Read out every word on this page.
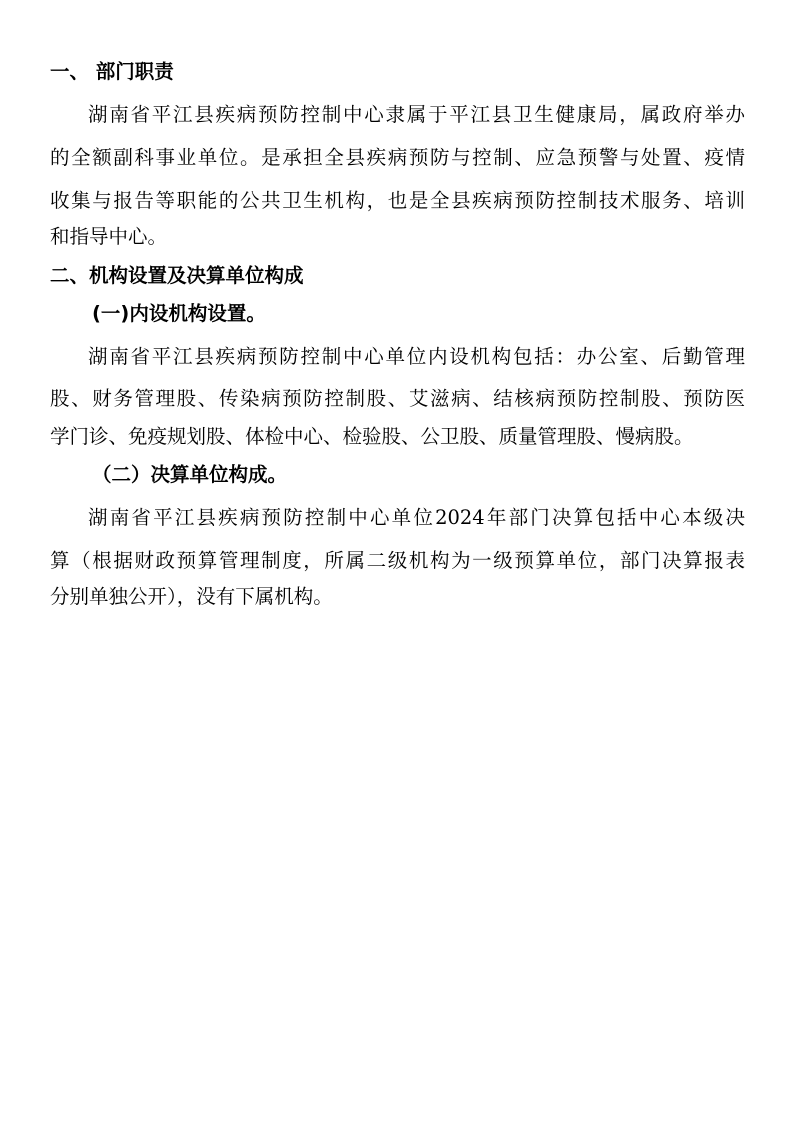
一、 部门职责
湖南省平江县疾病预防控制中心隶属于平江县卫生健康局，属政府举办
的全额副科事业单位。是承担全县疾病预防与控制、应急预警与处置、疫情
收集与报告等职能的公共卫生机构，也是全县疾病预防控制技术服务、培训
和指导中心。
二、机构设置及决算单位构成
(一)内设机构设置。
湖南省平江县疾病预防控制中心单位内设机构包括：办公室、后勤管理
股、财务管理股、传染病预防控制股、艾滋病、结核病预防控制股、预防医
学门诊、免疫规划股、体检中心、检验股、公卫股、质量管理股、慢病股。
（二）决算单位构成。
湖南省平江县疾病预防控制中心单位2024年部门决算包括中心本级决
算（根据财政预算管理制度，所属二级机构为一级预算单位，部门决算报表
分别单独公开），没有下属机构。
